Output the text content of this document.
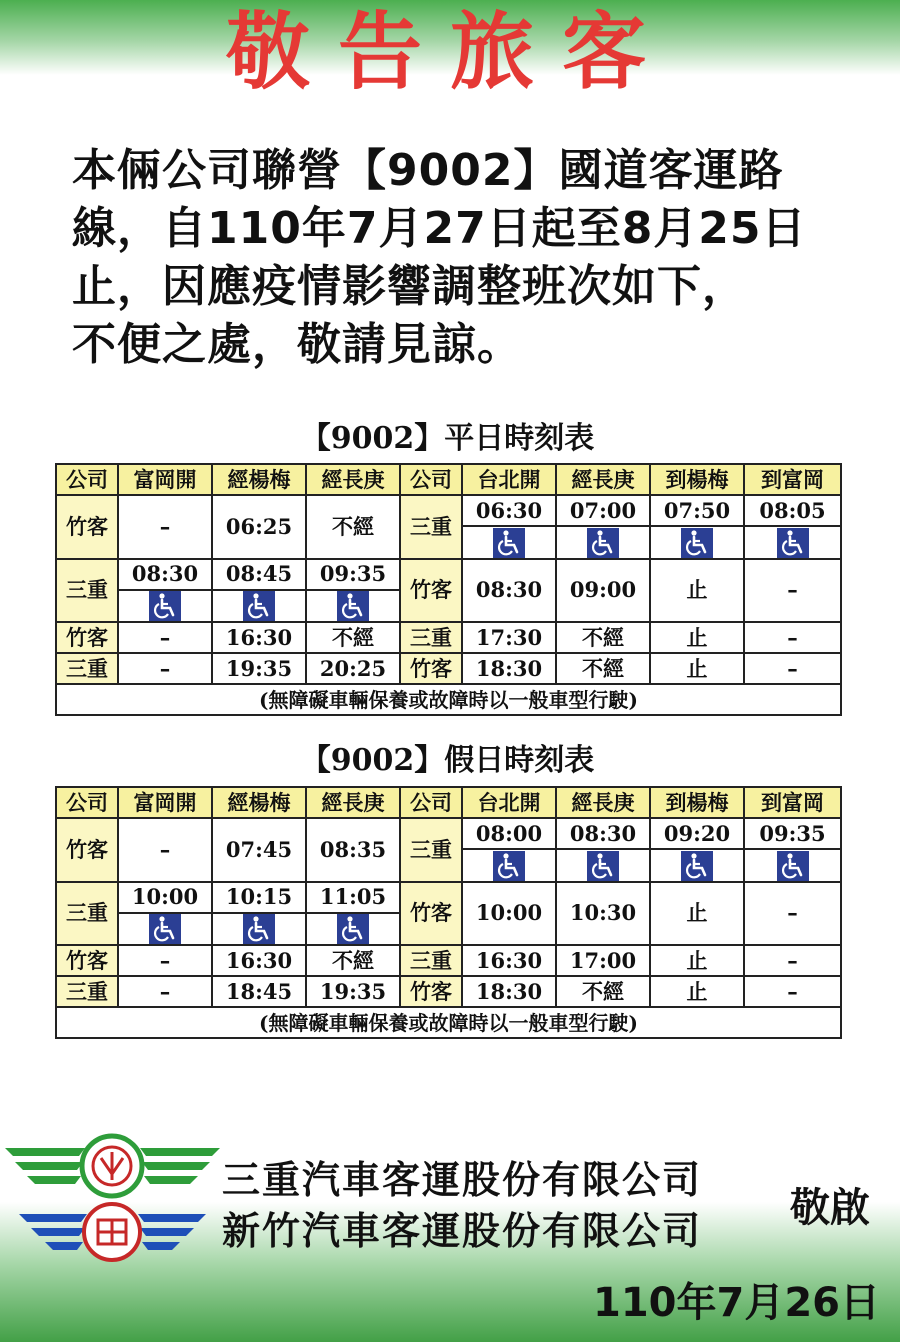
敬告旅客
本倆公司聯營【9002】國道客運路
線，自110年7月27日起至8月25日
止，因應疫情影響調整班次如下，
不便之處，敬請見諒。
【9002】平日時刻表
公司	富岡開	經楊梅	經長庚	公司	台北開	經長庚	到楊梅	到富岡
竹客	–	06:25	不經	三重	06:30	07:00	07:50	08:05

三重	08:30	08:45	09:35	竹客	08:30	09:00	止	–

竹客	–	16:30	不經	三重	17:30	不經	止	–
三重	–	19:35	20:25	竹客	18:30	不經	止	–
(無障礙車輛保養或故障時以一般車型行駛)								
【9002】假日時刻表
公司	富岡開	經楊梅	經長庚	公司	台北開	經長庚	到楊梅	到富岡
竹客	–	07:45	08:35	三重	08:00	08:30	09:20	09:35

三重	10:00	10:15	11:05	竹客	10:00	10:30	止	–

竹客	–	16:30	不經	三重	16:30	17:00	止	–
三重	–	18:45	19:35	竹客	18:30	不經	止	–
(無障礙車輛保養或故障時以一般車型行駛)								
三重汽車客運股份有限公司
新竹汽車客運股份有限公司 敬啟
110年7月26日
